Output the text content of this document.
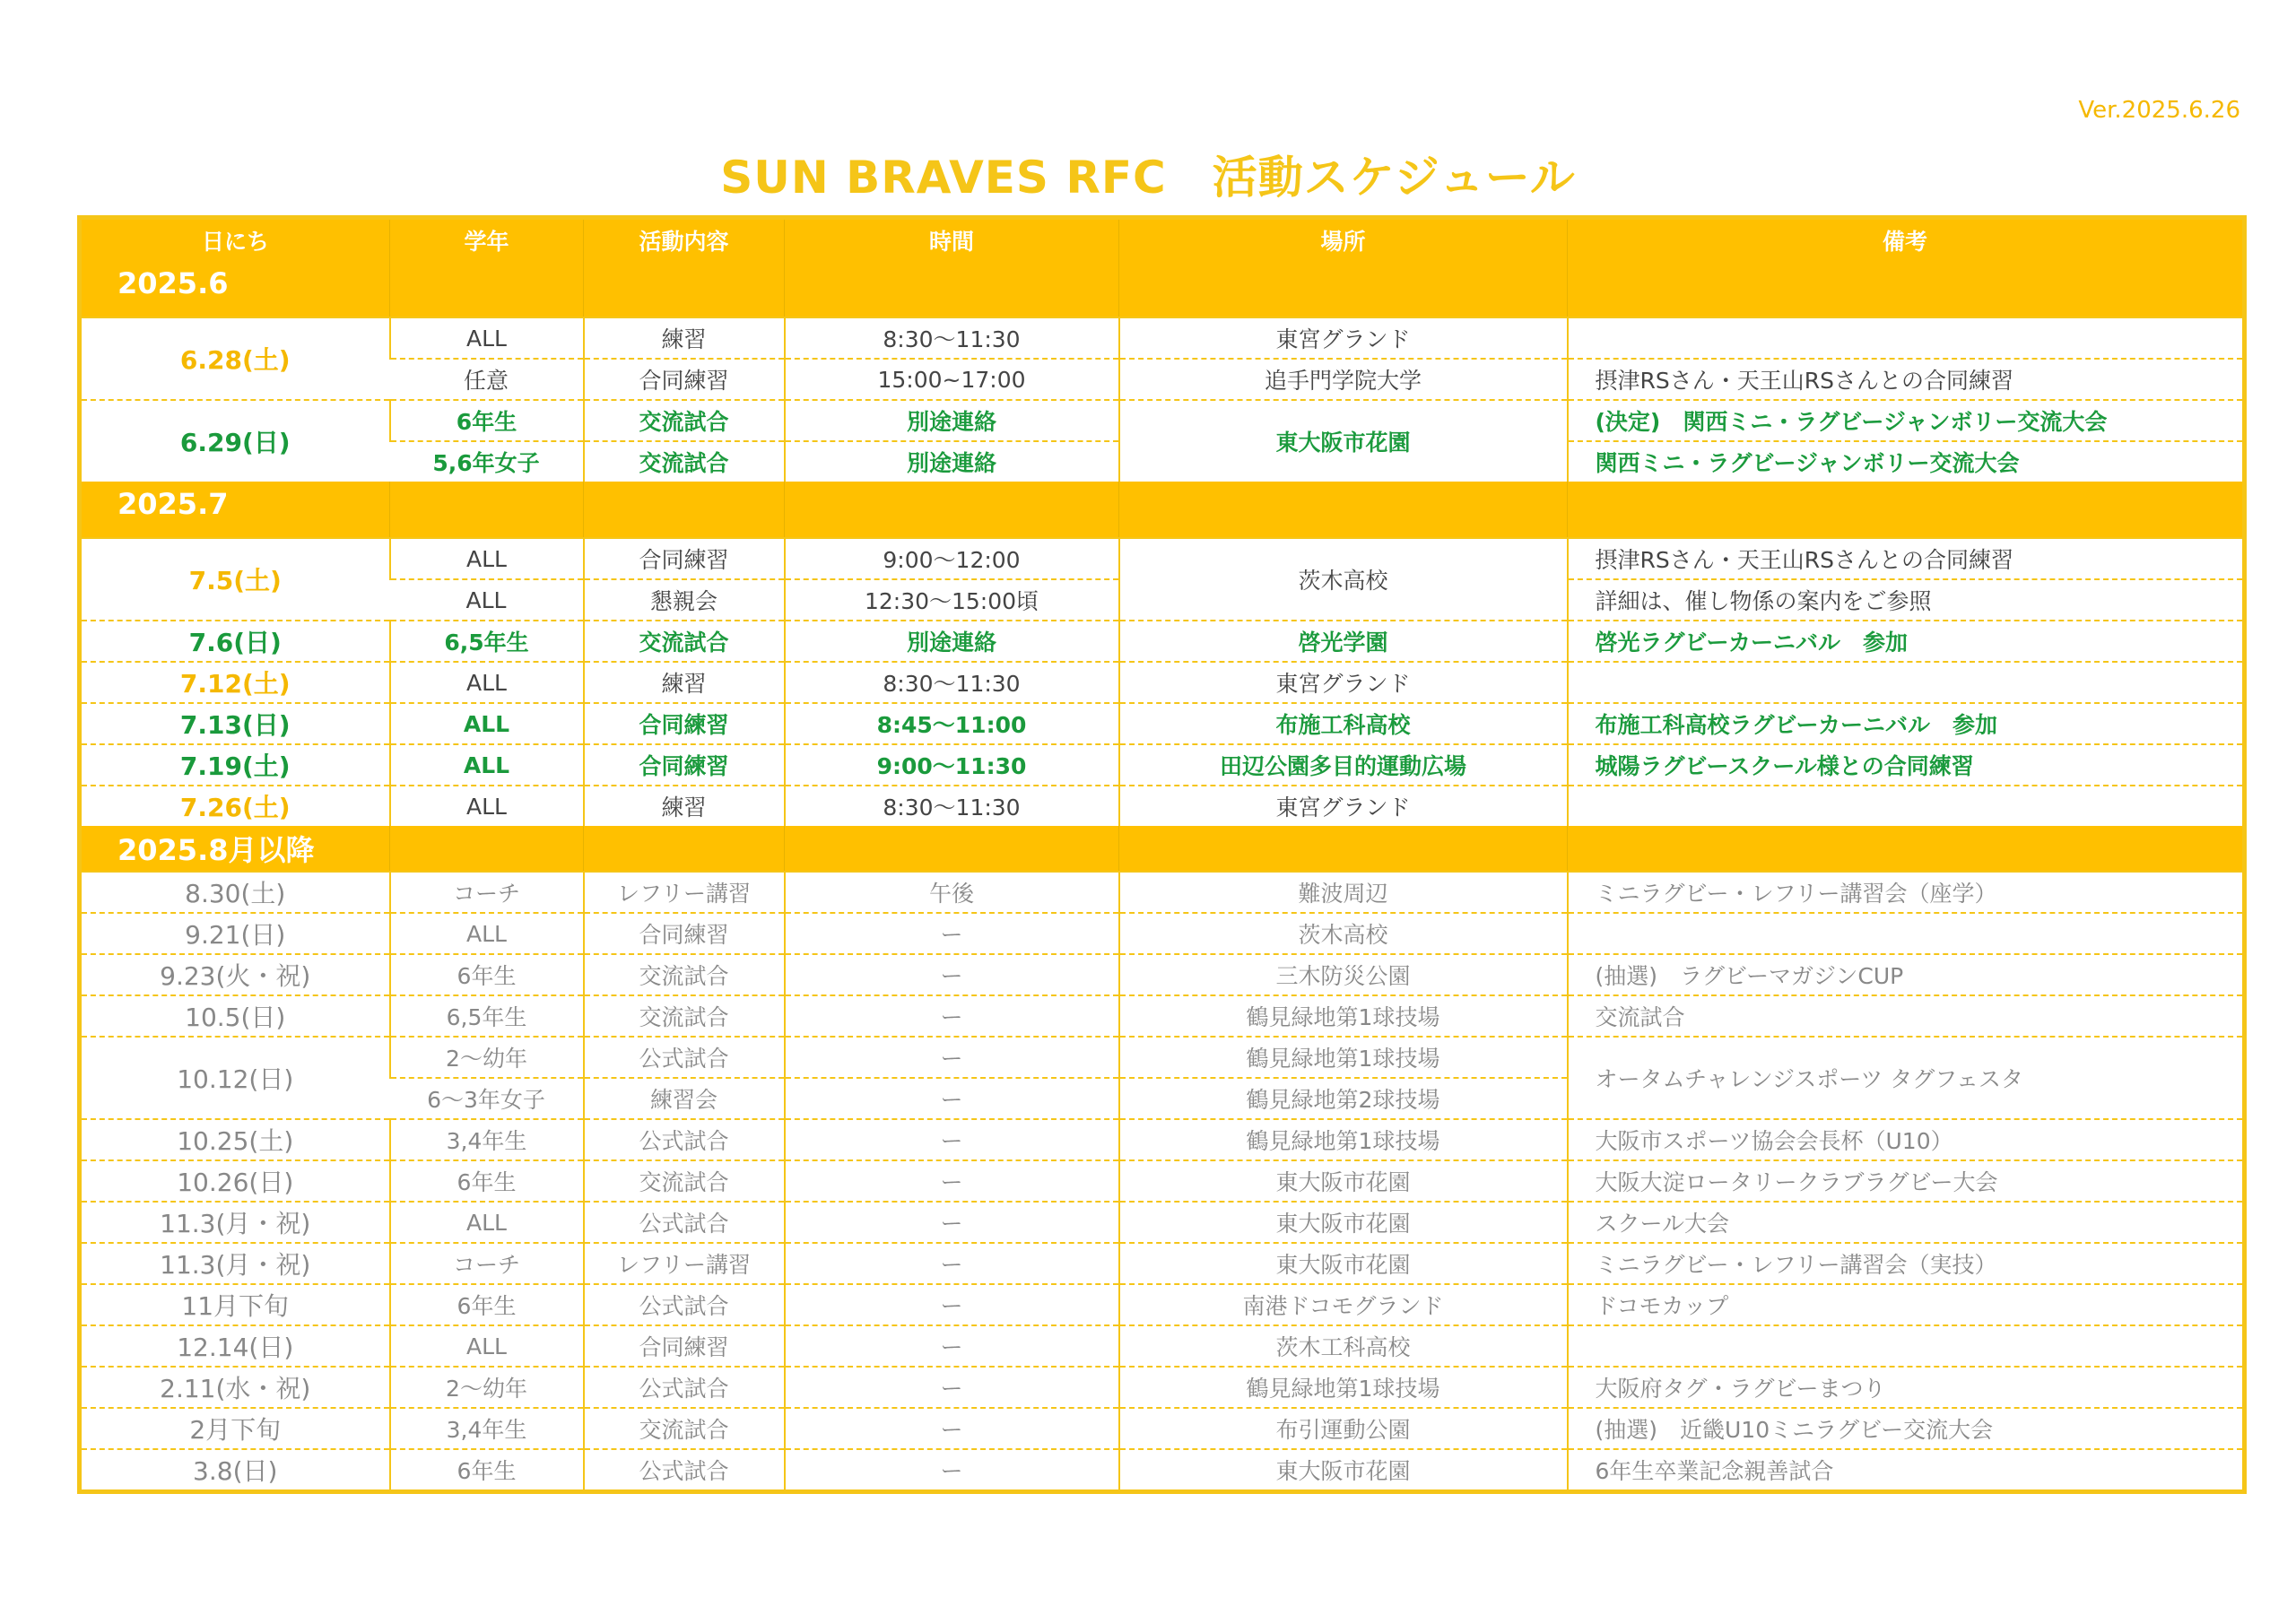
Ver.2025.6.26
SUN BRAVES RFC　活動スケジュール
日にち	学年	活動内容	時間	場所	備考
2025.6					

6.28(土)	ALL	練習	8:30～11:30	東宮グランド	
	任意	合同練習	15:00~17:00	追手門学院大学	摂津RSさん・天王山RSさんとの合同練習
6.29(日)	6年生	交流試合	別途連絡	東大阪市花園	(決定)　関西ミニ・ラグビージャンボリー交流大会
	5,6年女子	交流試合	別途連絡		関西ミニ・ラグビージャンボリー交流大会
2025.7					

7.5(土)	ALL	合同練習	9:00～12:00	茨木高校	摂津RSさん・天王山RSさんとの合同練習
	ALL	懇親会	12:30～15:00頃		詳細は、催し物係の案内をご参照
7.6(日)	6,5年生	交流試合	別途連絡	啓光学園	啓光ラグビーカーニバル　参加
7.12(土)	ALL	練習	8:30～11:30	東宮グランド	
7.13(日)	ALL	合同練習	8:45～11:00	布施工科高校	布施工科高校ラグビーカーニバル　参加
7.19(土)	ALL	合同練習	9:00～11:30	田辺公園多目的運動広場	城陽ラグビースクール様との合同練習
7.26(土)	ALL	練習	8:30～11:30	東宮グランド	
2025.8月以降					
8.30(土)	コーチ	レフリー講習	午後	難波周辺	ミニラグビー・レフリー講習会（座学）
9.21(日)	ALL	合同練習	ー	茨木高校	
9.23(火・祝)	6年生	交流試合	ー	三木防災公園	(抽選)　ラグビーマガジンCUP
10.5(日)	6,5年生	交流試合	ー	鶴見緑地第1球技場	交流試合
10.12(日)	2～幼年	公式試合	ー	鶴見緑地第1球技場	オータムチャレンジスポーツ タグフェスタ
	6～3年女子	練習会	ー	鶴見緑地第2球技場	
10.25(土)	3,4年生	公式試合	ー	鶴見緑地第1球技場	大阪市スポーツ協会会長杯（U10）
10.26(日)	6年生	交流試合	ー	東大阪市花園	大阪大淀ロータリークラブラグビー大会
11.3(月・祝)	ALL	公式試合	ー	東大阪市花園	スクール大会
11.3(月・祝)	コーチ	レフリー講習	ー	東大阪市花園	ミニラグビー・レフリー講習会（実技）
11月下旬	6年生	公式試合	ー	南港ドコモグランド	ドコモカップ
12.14(日)	ALL	合同練習	ー	茨木工科高校	
2.11(水・祝)	2～幼年	公式試合	ー	鶴見緑地第1球技場	大阪府タグ・ラグビーまつり
2月下旬	3,4年生	交流試合	ー	布引運動公園	(抽選)　近畿U10ミニラグビー交流大会
3.8(日)	6年生	公式試合	ー	東大阪市花園	6年生卒業記念親善試合
